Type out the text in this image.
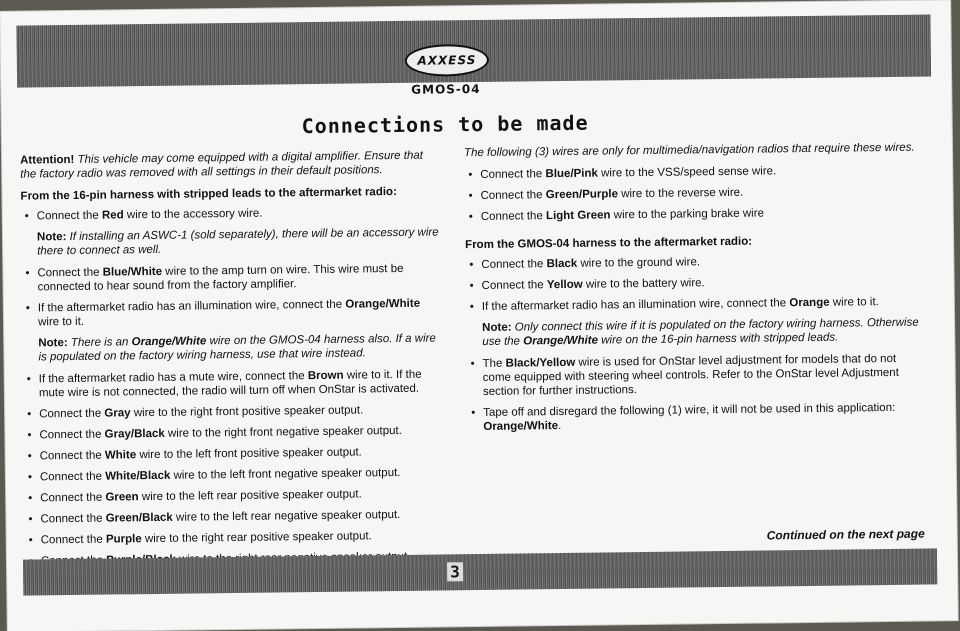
AXXESS
GMOS-04
Connections to be made

Attention! This vehicle may come equipped with a digital amplifier. Ensure that the factory radio was removed with all settings in their default positions.

From the 16-pin harness with stripped leads to the aftermarket radio:
• Connect the Red wire to the accessory wire.
Note: If installing an ASWC-1 (sold separately), there will be an accessory wire there to connect as well.
• Connect the Blue/White wire to the amp turn on wire. This wire must be connected to hear sound from the factory amplifier.
• If the aftermarket radio has an illumination wire, connect the Orange/White wire to it.
Note: There is an Orange/White wire on the GMOS-04 harness also. If a wire is populated on the factory wiring harness, use that wire instead.
• If the aftermarket radio has a mute wire, connect the Brown wire to it. If the mute wire is not connected, the radio will turn off when OnStar is activated.
• Connect the Gray wire to the right front positive speaker output.
• Connect the Gray/Black wire to the right front negative speaker output.
• Connect the White wire to the left front positive speaker output.
• Connect the White/Black wire to the left front negative speaker output.
• Connect the Green wire to the left rear positive speaker output.
• Connect the Green/Black wire to the left rear negative speaker output.
• Connect the Purple wire to the right rear positive speaker output.
•

The following (3) wires are only for multimedia/navigation radios that require these wires.

• Connect the Blue/Pink wire to the VSS/speed sense wire.
• Connect the Green/Purple wire to the reverse wire.
• Connect the Light Green wire to the parking brake wire
From the GMOS-04 harness to the aftermarket radio:
• Connect the Black wire to the ground wire.
• Connect the Yellow wire to the battery wire.
• If the aftermarket radio has an illumination wire, connect the Orange wire to it.
Note: Only connect this wire if it is populated on the factory wiring harness. Otherwise use the Orange/White wire on the 16-pin harness with stripped leads.
• The Black/Yellow wire is used for OnStar level adjustment for models that do not come equipped with steering wheel controls. Refer to the OnStar level Adjustment section for further instructions.
• Tape off and disregard the following (1) wire, it will not be used in this application: Orange/White.
Continued on the next page
3
